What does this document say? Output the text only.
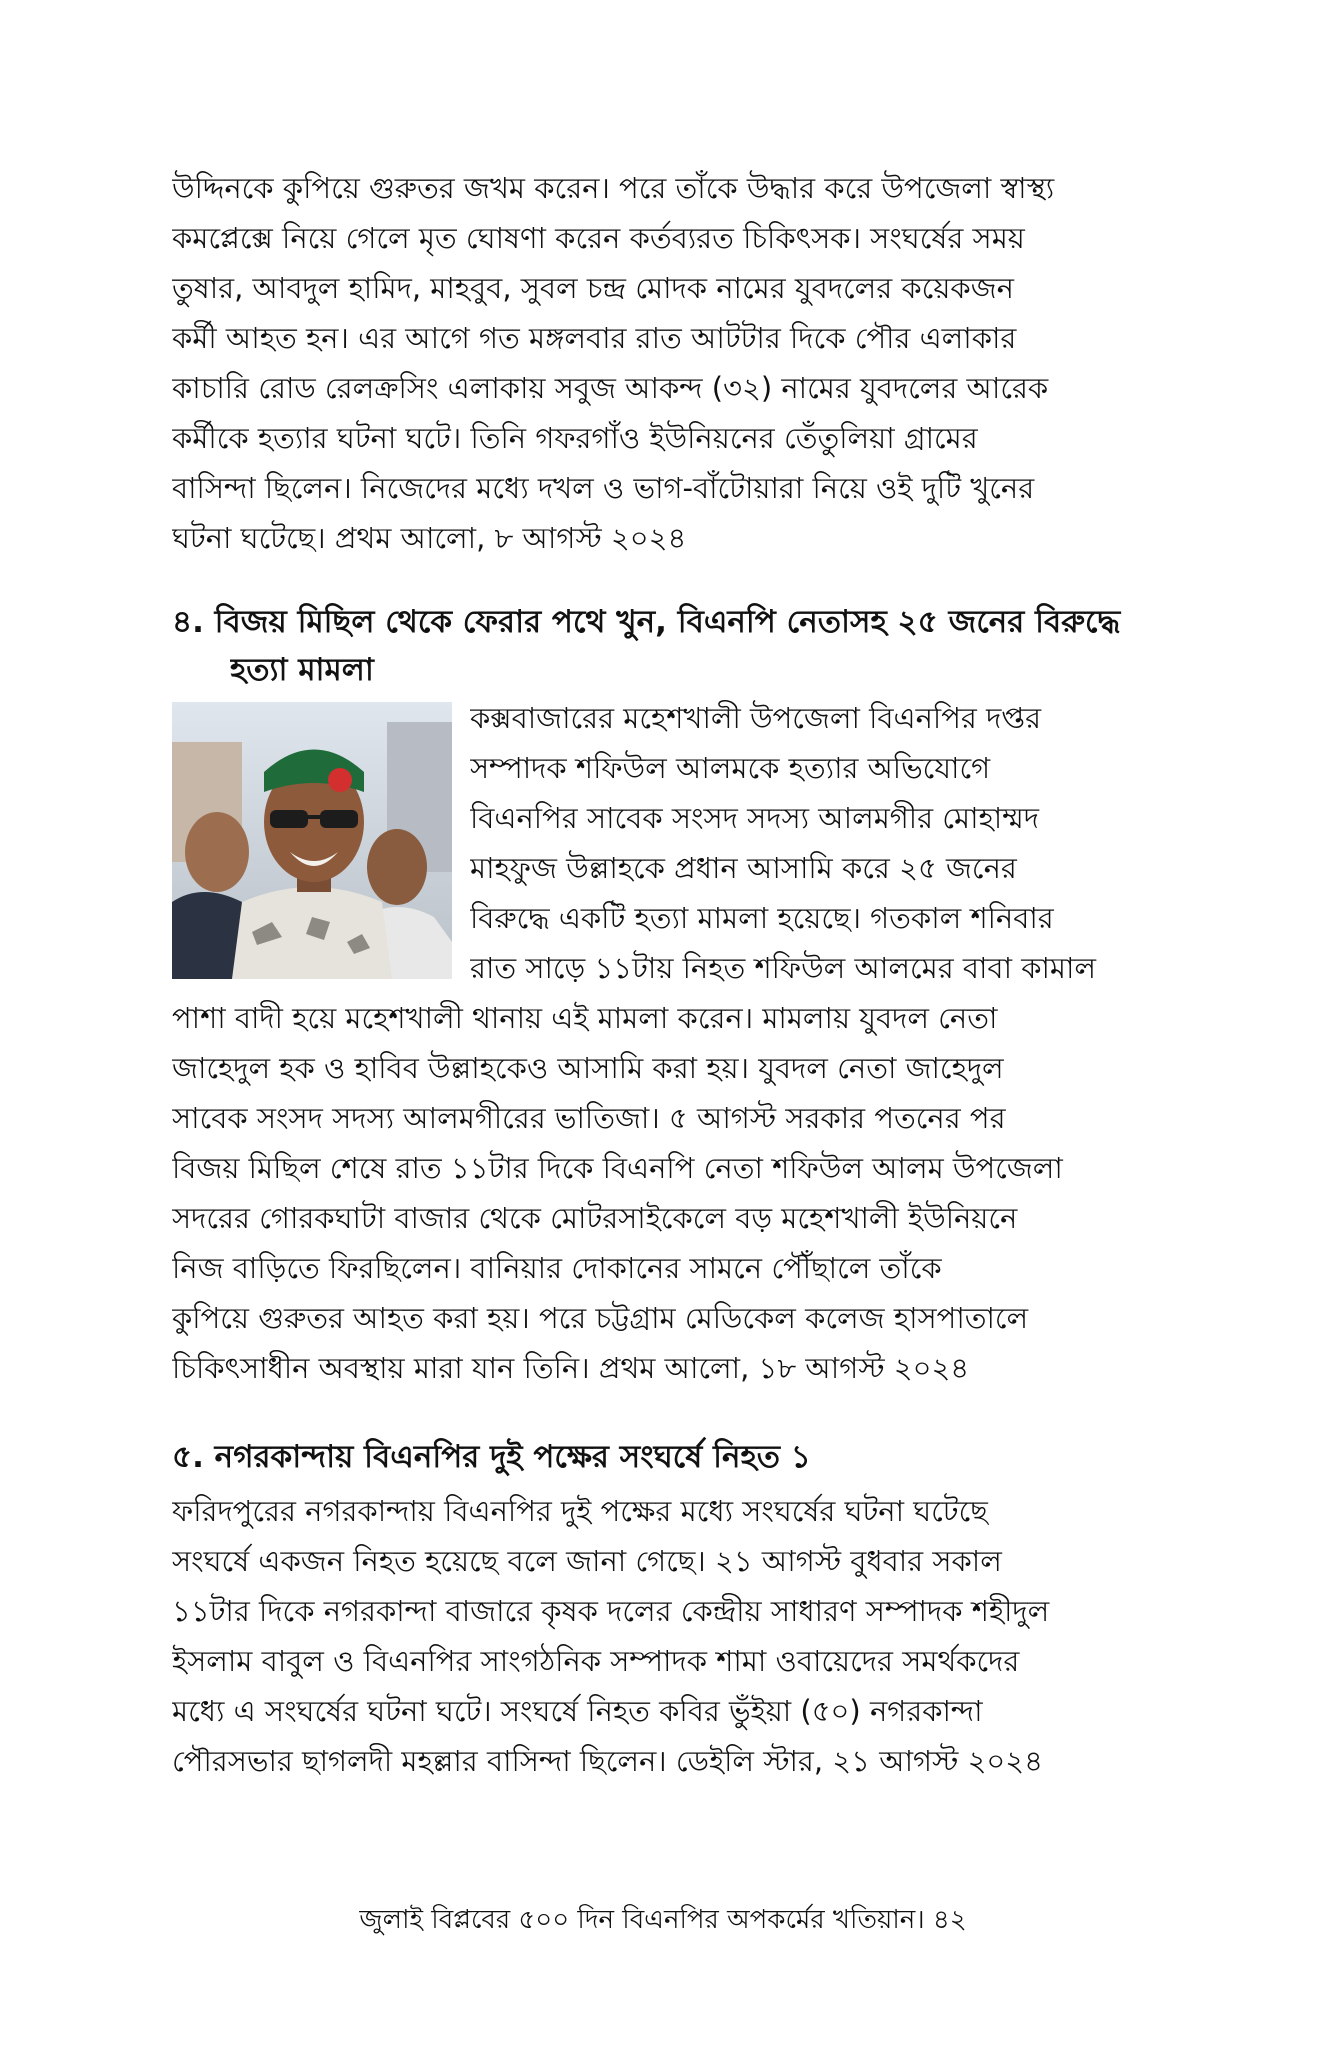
উদ্দিনকে কুপিয়ে গুরুতর জখম করেন। পরে তাঁকে উদ্ধার করে উপজেলা স্বাস্থ্য
কমপ্লেক্সে নিয়ে গেলে মৃত ঘোষণা করেন কর্তব্যরত চিকিৎসক। সংঘর্ষের সময়
তুষার, আবদুল হামিদ, মাহবুব, সুবল চন্দ্র মোদক নামের যুবদলের কয়েকজন
কর্মী আহত হন। এর আগে গত মঙ্গলবার রাত আটটার দিকে পৌর এলাকার
কাচারি রোড রেলক্রসিং এলাকায় সবুজ আকন্দ (৩২) নামের যুবদলের আরেক
কর্মীকে হত্যার ঘটনা ঘটে। তিনি গফরগাঁও ইউনিয়নের তেঁতুলিয়া গ্রামের
বাসিন্দা ছিলেন। নিজেদের মধ্যে দখল ও ভাগ-বাঁটোয়ারা নিয়ে ওই দুটি খুনের
ঘটনা ঘটেছে। প্রথম আলো, ৮ আগস্ট ২০২৪
৪. বিজয় মিছিল থেকে ফেরার পথে খুন, বিএনপি নেতাসহ ২৫ জনের বিরুদ্ধে
হত্যা মামলা
কক্সবাজারের মহেশখালী উপজেলা বিএনপির দপ্তর
সম্পাদক শফিউল আলমকে হত্যার অভিযোগে
বিএনপির সাবেক সংসদ সদস্য আলমগীর মোহাম্মদ
মাহফুজ উল্লাহকে প্রধান আসামি করে ২৫ জনের
বিরুদ্ধে একটি হত্যা মামলা হয়েছে। গতকাল শনিবার
রাত সাড়ে ১১টায় নিহত শফিউল আলমের বাবা কামাল
পাশা বাদী হয়ে মহেশখালী থানায় এই মামলা করেন। মামলায় যুবদল নেতা
জাহেদুল হক ও হাবিব উল্লাহকেও আসামি করা হয়। যুবদল নেতা জাহেদুল
সাবেক সংসদ সদস্য আলমগীরের ভাতিজা। ৫ আগস্ট সরকার পতনের পর
বিজয় মিছিল শেষে রাত ১১টার দিকে বিএনপি নেতা শফিউল আলম উপজেলা
সদরের গোরকঘাটা বাজার থেকে মোটরসাইকেলে বড় মহেশখালী ইউনিয়নে
নিজ বাড়িতে ফিরছিলেন। বানিয়ার দোকানের সামনে পৌঁছালে তাঁকে
কুপিয়ে গুরুতর আহত করা হয়। পরে চট্টগ্রাম মেডিকেল কলেজ হাসপাতালে
চিকিৎসাধীন অবস্থায় মারা যান তিনি। প্রথম আলো, ১৮ আগস্ট ২০২৪
৫. নগরকান্দায় বিএনপির দুই পক্ষের সংঘর্ষে নিহত ১
ফরিদপুরের নগরকান্দায় বিএনপির দুই পক্ষের মধ্যে সংঘর্ষের ঘটনা ঘটেছে
সংঘর্ষে একজন নিহত হয়েছে বলে জানা গেছে। ২১ আগস্ট বুধবার সকাল
১১টার দিকে নগরকান্দা বাজারে কৃষক দলের কেন্দ্রীয় সাধারণ সম্পাদক শহীদুল
ইসলাম বাবুল ও বিএনপির সাংগঠনিক সম্পাদক শামা ওবায়েদের সমর্থকদের
মধ্যে এ সংঘর্ষের ঘটনা ঘটে। সংঘর্ষে নিহত কবির ভুঁইয়া (৫০) নগরকান্দা
পৌরসভার ছাগলদী মহল্লার বাসিন্দা ছিলেন। ডেইলি স্টার, ২১ আগস্ট ২০২৪
জুলাই বিপ্লবের ৫০০ দিন বিএনপির অপকর্মের খতিয়ান। ৪২
